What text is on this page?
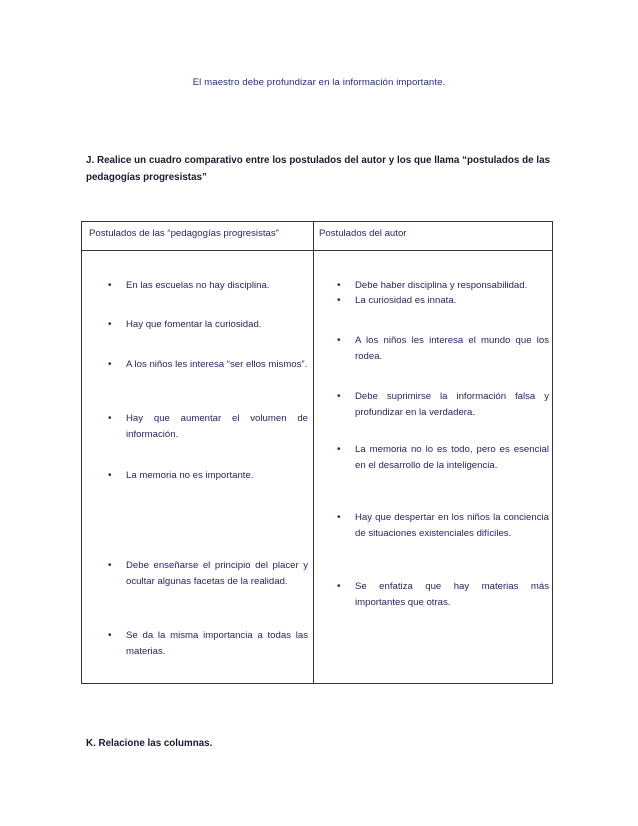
El maestro debe profundizar en la información importante.
J. Realice un cuadro comparativo entre los postulados del autor y los que llama “postulados de las pedagogías progresistas”
Postulados de las “pedagogías progresistas”	Postulados del autor
• En las escuelas no hay disciplina.
• Hay que fomentar la curiosidad.
• A los niños les interesa “ser ellos mismos”.
• Hay que aumentar el volumen de información.
• La memoria no es importante.
• Debe enseñarse el principio del placer y ocultar algunas facetas de la realidad.
• Se da la misma importancia a todas las materias.
• Debe haber disciplina y responsabilidad.
• La curiosidad es innata.
• A los niños les interesa el mundo que los rodea.
• Debe suprimirse la información falsa y profundizar en la verdadera.
• La memoria no lo es todo, pero es esencial en el desarrollo de la inteligencia.
• Hay que despertar en los niños la conciencia de situaciones existenciales difíciles.
• Se enfatiza que hay materias más importantes que otras.
K. Relacione las columnas.
